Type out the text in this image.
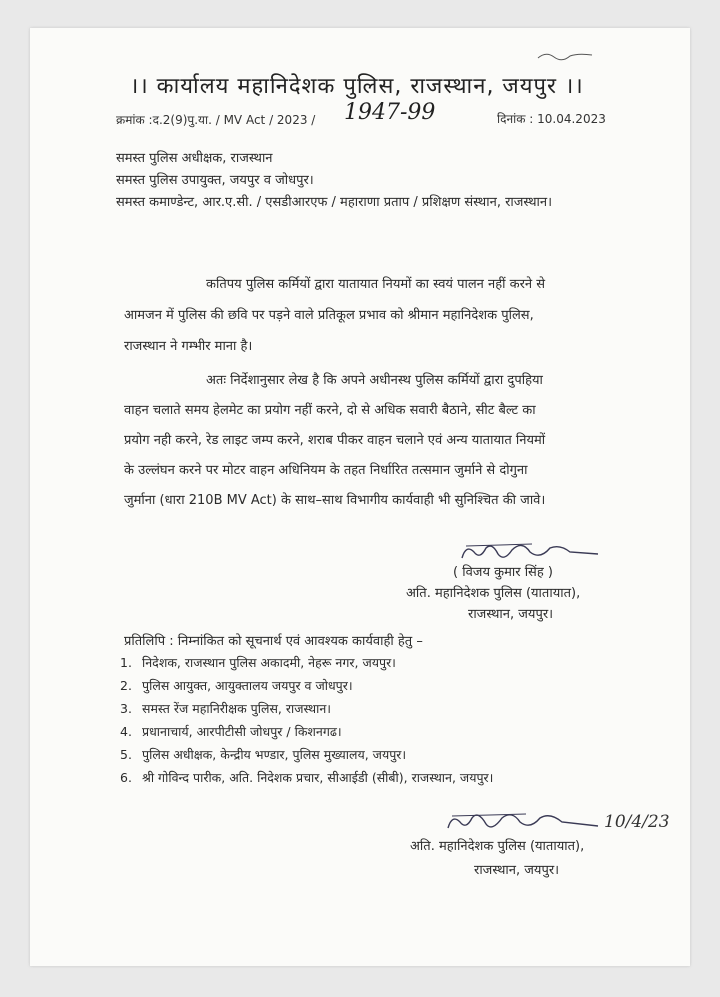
।। कार्यालय महानिदेशक पुलिस, राजस्थान, जयपुर ।।
क्रमांक :द.2(9)पु.या. / MV Act / 2023 / 1947-99	दिनांक : 10.04.2023
समस्त पुलिस अधीक्षक, राजस्थान
समस्त पुलिस उपायुक्त, जयपुर व जोधपुर।
समस्त कमाण्डेन्ट, आर.ए.सी. / एसडीआरएफ / महाराणा प्रताप / प्रशिक्षण संस्थान, राजस्थान।
कतिपय पुलिस कर्मियों द्वारा यातायात नियमों का स्वयं पालन नहीं करने से
आमजन में पुलिस की छवि पर पड़ने वाले प्रतिकूल प्रभाव को श्रीमान महानिदेशक पुलिस,
राजस्थान ने गम्भीर माना है।
अतः निर्देशानुसार लेख है कि अपने अधीनस्थ पुलिस कर्मियों द्वारा दुपहिया
वाहन चलाते समय हेलमेट का प्रयोग नहीं करने, दो से अधिक सवारी बैठाने, सीट बैल्ट का
प्रयोग नही करने, रेड लाइट जम्प करने, शराब पीकर वाहन चलाने एवं अन्य यातायात नियमों
के उल्लंघन करने पर मोटर वाहन अधिनियम के तहत निर्धारित तत्समान जुर्माने से दोगुना
जुर्माना (धारा 210B MV Act) के साथ–साथ विभागीय कार्यवाही भी सुनिश्चित की जावे।
( विजय कुमार सिंह )
अति. महानिदेशक पुलिस (यातायात),
राजस्थान, जयपुर।
प्रतिलिपि : निम्नांकित को सूचनार्थ एवं आवश्यक कार्यवाही हेतु –
1. निदेशक, राजस्थान पुलिस अकादमी, नेहरू नगर, जयपुर।
2. पुलिस आयुक्त, आयुक्तालय जयपुर व जोधपुर।
3. समस्त रेंज महानिरीक्षक पुलिस, राजस्थान।
4. प्रधानाचार्य, आरपीटीसी जोधपुर / किशनगढ।
5. पुलिस अधीक्षक, केन्द्रीय भण्डार, पुलिस मुख्यालय, जयपुर।
6. श्री गोविन्द पारीक, अति. निदेशक प्रचार, सीआईडी (सीबी), राजस्थान, जयपुर।
10/4/23
अति. महानिदेशक पुलिस (यातायात),
राजस्थान, जयपुर।
